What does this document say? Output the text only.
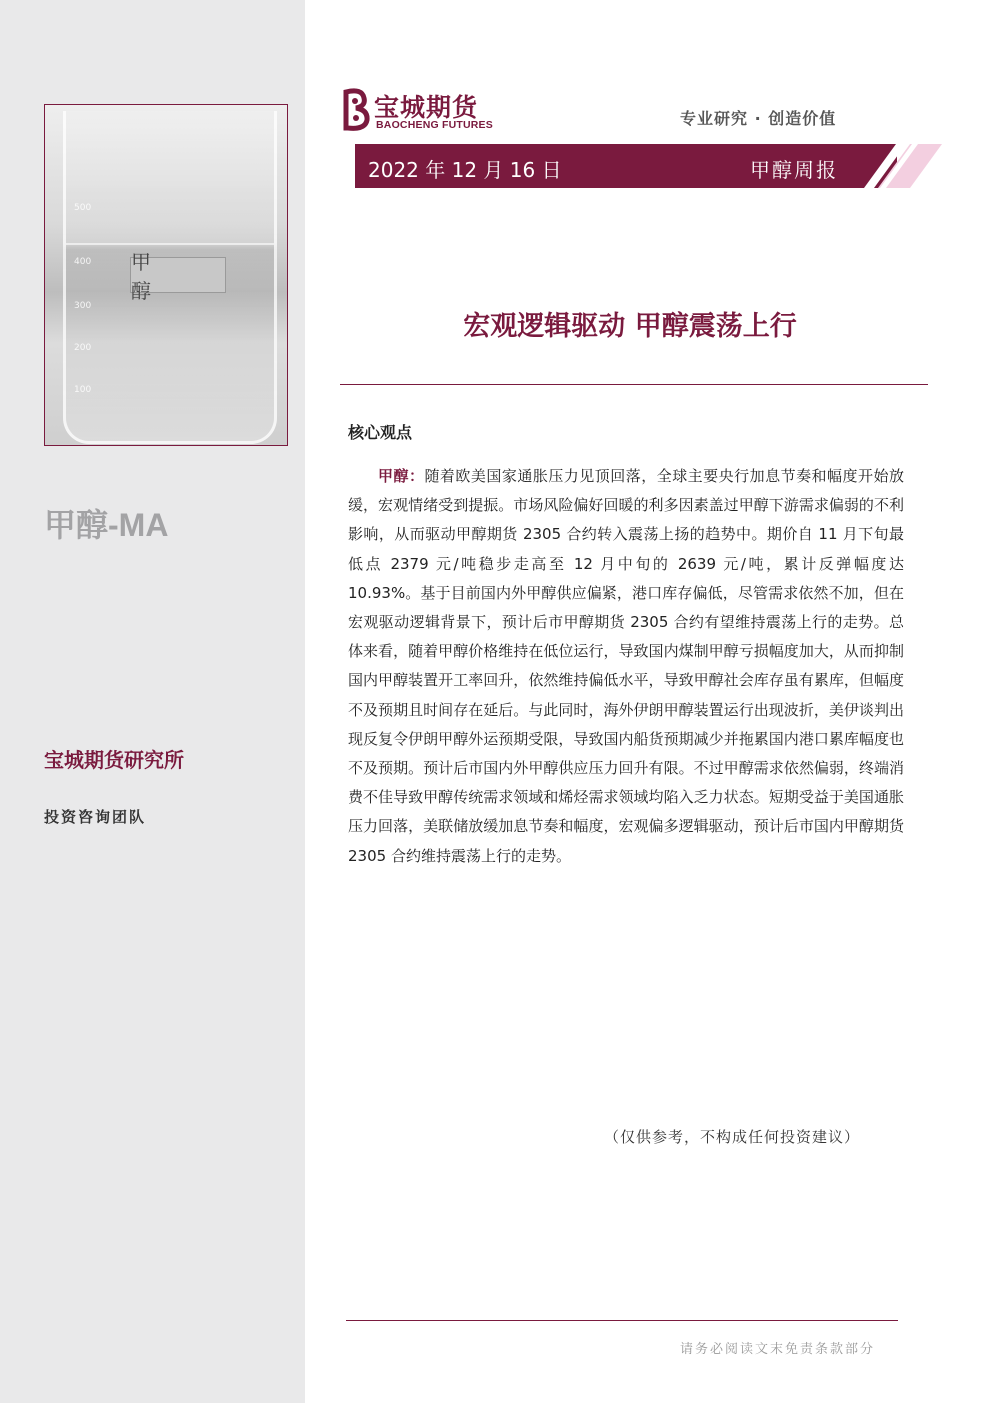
500
400
300
200
100
甲 醇
甲醇-MA
宝城期货研究所
投资咨询团队
宝城期货
BAOCHENG FUTURES	专业研究 · 创造价值
2022 年 12 月 16 日	甲醇周报
宏观逻辑驱动 甲醇震荡上行
核心观点

甲醇：随着欧美国家通胀压力见顶回落，全球主要央行加息节奏和幅度开始放缓，宏观情绪受到提振。市场风险偏好回暖的利多因素盖过甲醇下游需求偏弱的不利影响，从而驱动甲醇期货 2305 合约转入震荡上扬的趋势中。期价自 11 月下旬最低点 2379 元/吨稳步走高至 12 月中旬的 2639 元/吨，累计反弹幅度达 10.93%。基于目前国内外甲醇供应偏紧，港口库存偏低，尽管需求依然不加，但在宏观驱动逻辑背景下，预计后市甲醇期货 2305 合约有望维持震荡上行的走势。总体来看，随着甲醇价格维持在低位运行，导致国内煤制甲醇亏损幅度加大，从而抑制国内甲醇装置开工率回升，依然维持偏低水平，导致甲醇社会库存虽有累库，但幅度不及预期且时间存在延后。与此同时，海外伊朗甲醇装置运行出现波折，美伊谈判出现反复令伊朗甲醇外运预期受限，导致国内船货预期减少并拖累国内港口累库幅度也不及预期。预计后市国内外甲醇供应压力回升有限。不过甲醇需求依然偏弱，终端消费不佳导致甲醇传统需求领域和烯烃需求领域均陷入乏力状态。短期受益于美国通胀压力回落，美联储放缓加息节奏和幅度，宏观偏多逻辑驱动，预计后市国内甲醇期货 2305 合约维持震荡上行的走势。

（仅供参考，不构成任何投资建议）
请务必阅读文末免责条款部分
